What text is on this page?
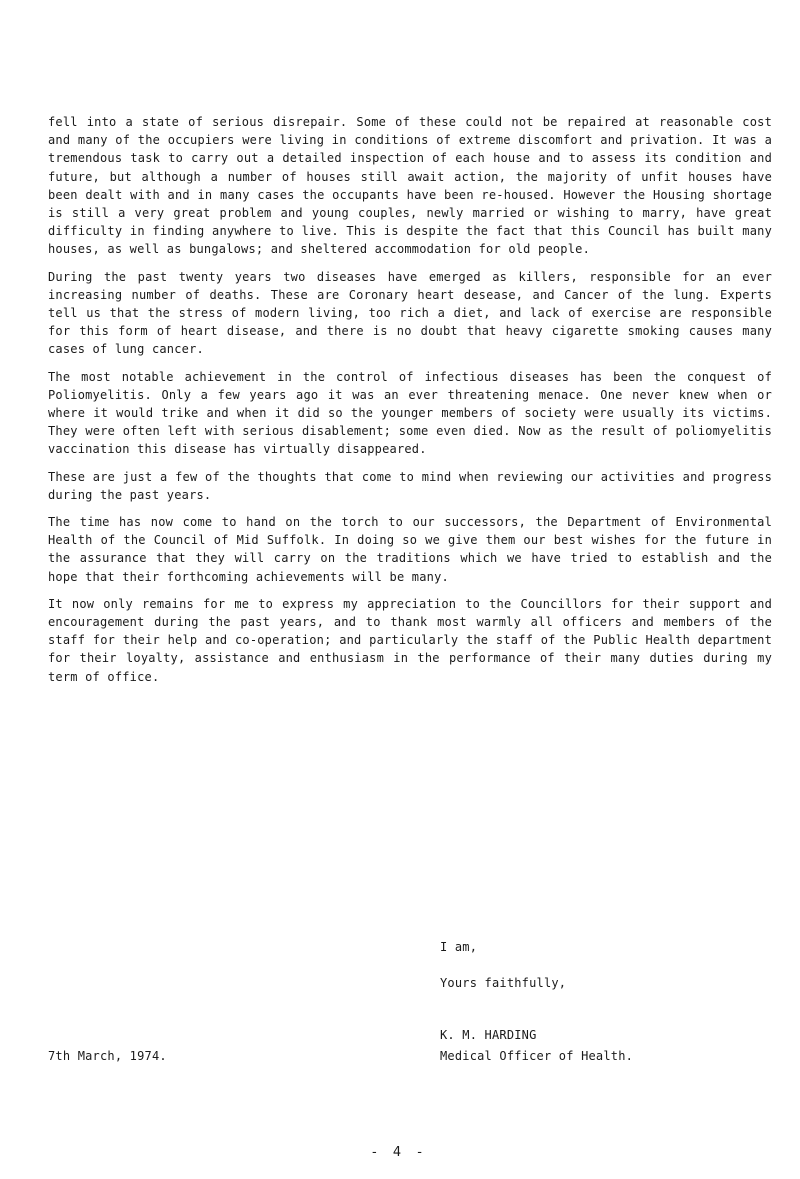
fell into a state of serious disrepair. Some of these could not be repaired at reasonable cost and many of the occupiers were living in conditions of extreme discomfort and privation. It was a tremendous task to carry out a detailed inspection of each house and to assess its condition and future, but although a number of houses still await action, the majority of unfit houses have been dealt with and in many cases the occupants have been re-housed. However the Housing shortage is still a very great problem and young couples, newly married or wishing to marry, have great difficulty in finding anywhere to live. This is despite the fact that this Council has built many houses, as well as bungalows; and sheltered accommodation for old people.

During the past twenty years two diseases have emerged as killers, responsible for an ever increasing number of deaths. These are Coronary heart desease, and Cancer of the lung. Experts tell us that the stress of modern living, too rich a diet, and lack of exercise are responsible for this form of heart disease, and there is no doubt that heavy cigarette smoking causes many cases of lung cancer.

The most notable achievement in the control of infectious diseases has been the conquest of Poliomyelitis. Only a few years ago it was an ever threatening menace. One never knew when or where it would trike and when it did so the younger members of society were usually its victims. They were often left with serious disablement; some even died. Now as the result of poliomyelitis vaccination this disease has virtually disappeared.

These are just a few of the thoughts that come to mind when reviewing our activities and progress during the past years.

The time has now come to hand on the torch to our successors, the Department of Environmental Health of the Council of Mid Suffolk. In doing so we give them our best wishes for the future in the assurance that they will carry on the traditions which we have tried to establish and the hope that their forthcoming achievements will be many.

It now only remains for me to express my appreciation to the Councillors for their support and encouragement during the past years, and to thank most warmly all officers and members of the staff for their help and co-operation; and particularly the staff of the Public Health department for their loyalty, assistance and enthusiasm in the performance of their many duties during my term of office.

I am,
Yours faithfully,
K. M. HARDING
Medical Officer of Health.
7th March, 1974.
- 4 -
